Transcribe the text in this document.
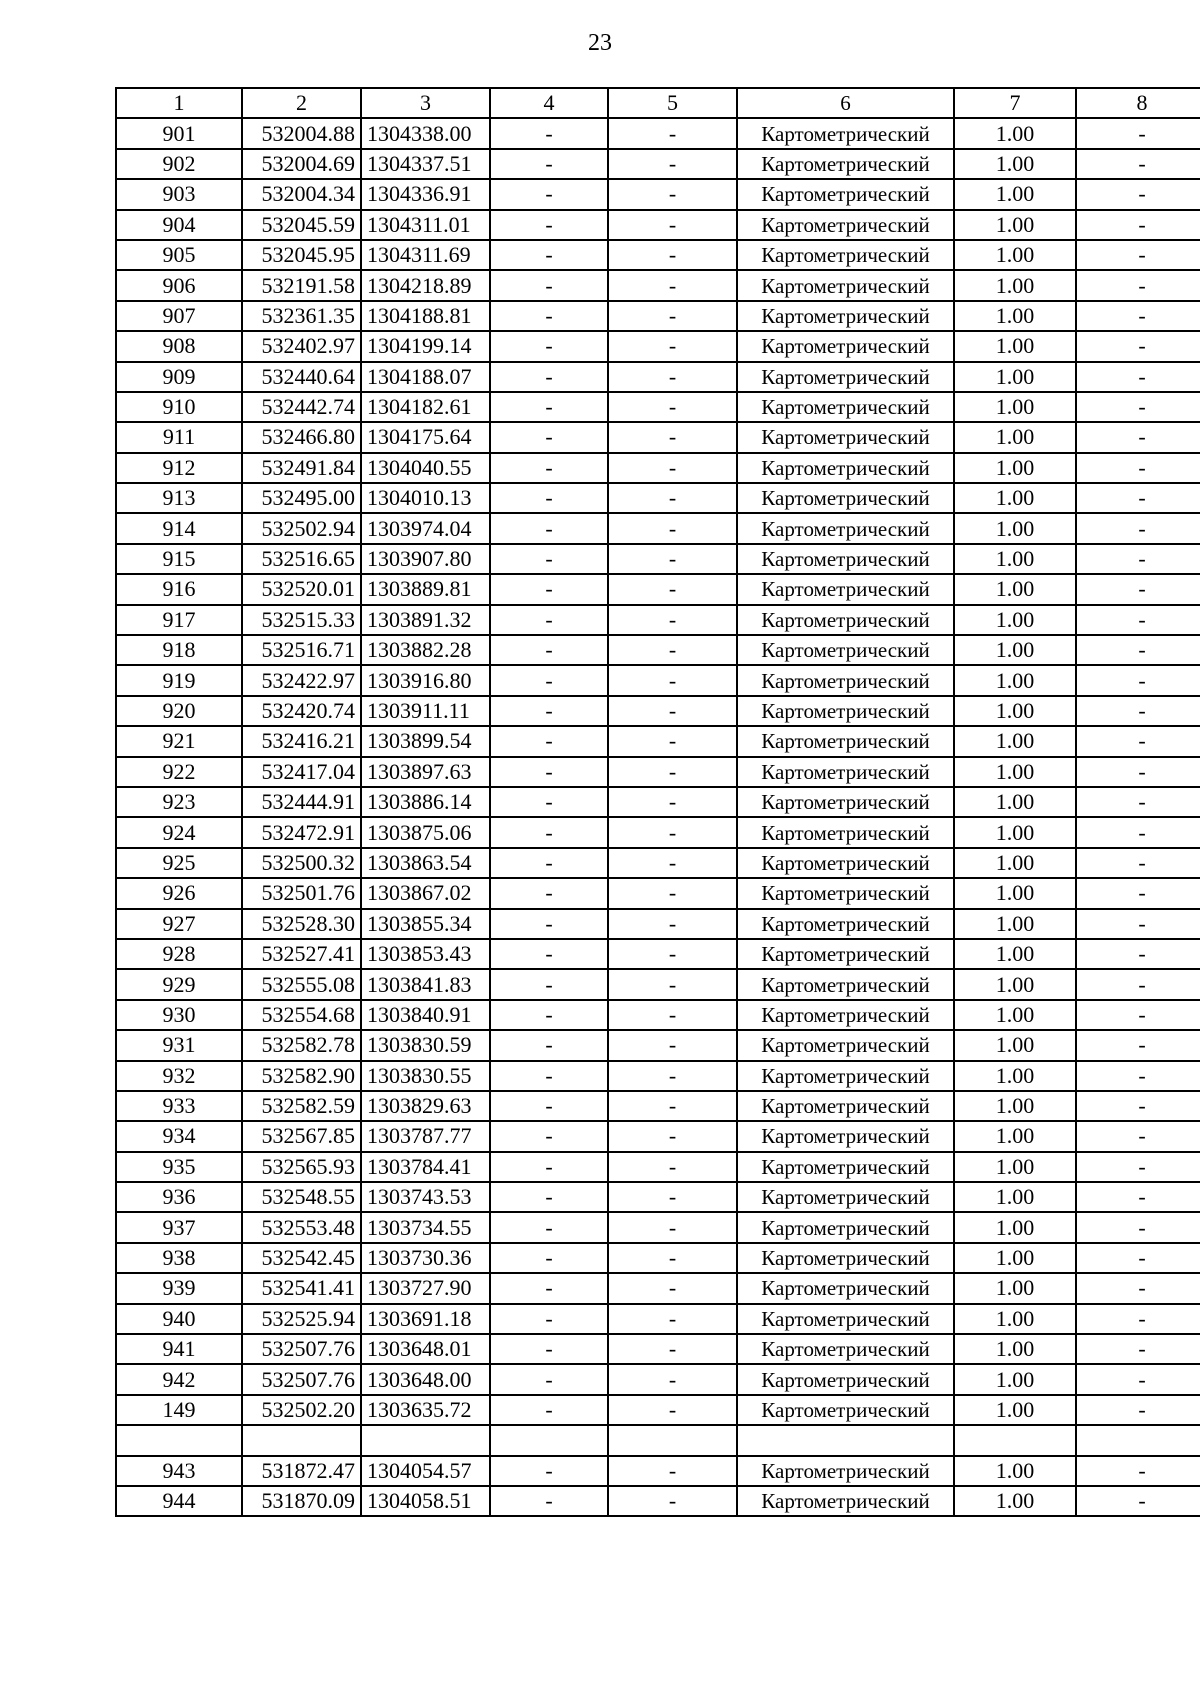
23
1	2	3	4	5	6	7	8
901	532004.88	1304338.00	-	-	Картометрический	1.00	-
902	532004.69	1304337.51	-	-	Картометрический	1.00	-
903	532004.34	1304336.91	-	-	Картометрический	1.00	-
904	532045.59	1304311.01	-	-	Картометрический	1.00	-
905	532045.95	1304311.69	-	-	Картометрический	1.00	-
906	532191.58	1304218.89	-	-	Картометрический	1.00	-
907	532361.35	1304188.81	-	-	Картометрический	1.00	-
908	532402.97	1304199.14	-	-	Картометрический	1.00	-
909	532440.64	1304188.07	-	-	Картометрический	1.00	-
910	532442.74	1304182.61	-	-	Картометрический	1.00	-
911	532466.80	1304175.64	-	-	Картометрический	1.00	-
912	532491.84	1304040.55	-	-	Картометрический	1.00	-
913	532495.00	1304010.13	-	-	Картометрический	1.00	-
914	532502.94	1303974.04	-	-	Картометрический	1.00	-
915	532516.65	1303907.80	-	-	Картометрический	1.00	-
916	532520.01	1303889.81	-	-	Картометрический	1.00	-
917	532515.33	1303891.32	-	-	Картометрический	1.00	-
918	532516.71	1303882.28	-	-	Картометрический	1.00	-
919	532422.97	1303916.80	-	-	Картометрический	1.00	-
920	532420.74	1303911.11	-	-	Картометрический	1.00	-
921	532416.21	1303899.54	-	-	Картометрический	1.00	-
922	532417.04	1303897.63	-	-	Картометрический	1.00	-
923	532444.91	1303886.14	-	-	Картометрический	1.00	-
924	532472.91	1303875.06	-	-	Картометрический	1.00	-
925	532500.32	1303863.54	-	-	Картометрический	1.00	-
926	532501.76	1303867.02	-	-	Картометрический	1.00	-
927	532528.30	1303855.34	-	-	Картометрический	1.00	-
928	532527.41	1303853.43	-	-	Картометрический	1.00	-
929	532555.08	1303841.83	-	-	Картометрический	1.00	-
930	532554.68	1303840.91	-	-	Картометрический	1.00	-
931	532582.78	1303830.59	-	-	Картометрический	1.00	-
932	532582.90	1303830.55	-	-	Картометрический	1.00	-
933	532582.59	1303829.63	-	-	Картометрический	1.00	-
934	532567.85	1303787.77	-	-	Картометрический	1.00	-
935	532565.93	1303784.41	-	-	Картометрический	1.00	-
936	532548.55	1303743.53	-	-	Картометрический	1.00	-
937	532553.48	1303734.55	-	-	Картометрический	1.00	-
938	532542.45	1303730.36	-	-	Картометрический	1.00	-
939	532541.41	1303727.90	-	-	Картометрический	1.00	-
940	532525.94	1303691.18	-	-	Картометрический	1.00	-
941	532507.76	1303648.01	-	-	Картометрический	1.00	-
942	532507.76	1303648.00	-	-	Картометрический	1.00	-
149	532502.20	1303635.72	-	-	Картометрический	1.00	-

943	531872.47	1304054.57	-	-	Картометрический	1.00	-
944	531870.09	1304058.51	-	-	Картометрический	1.00	-
